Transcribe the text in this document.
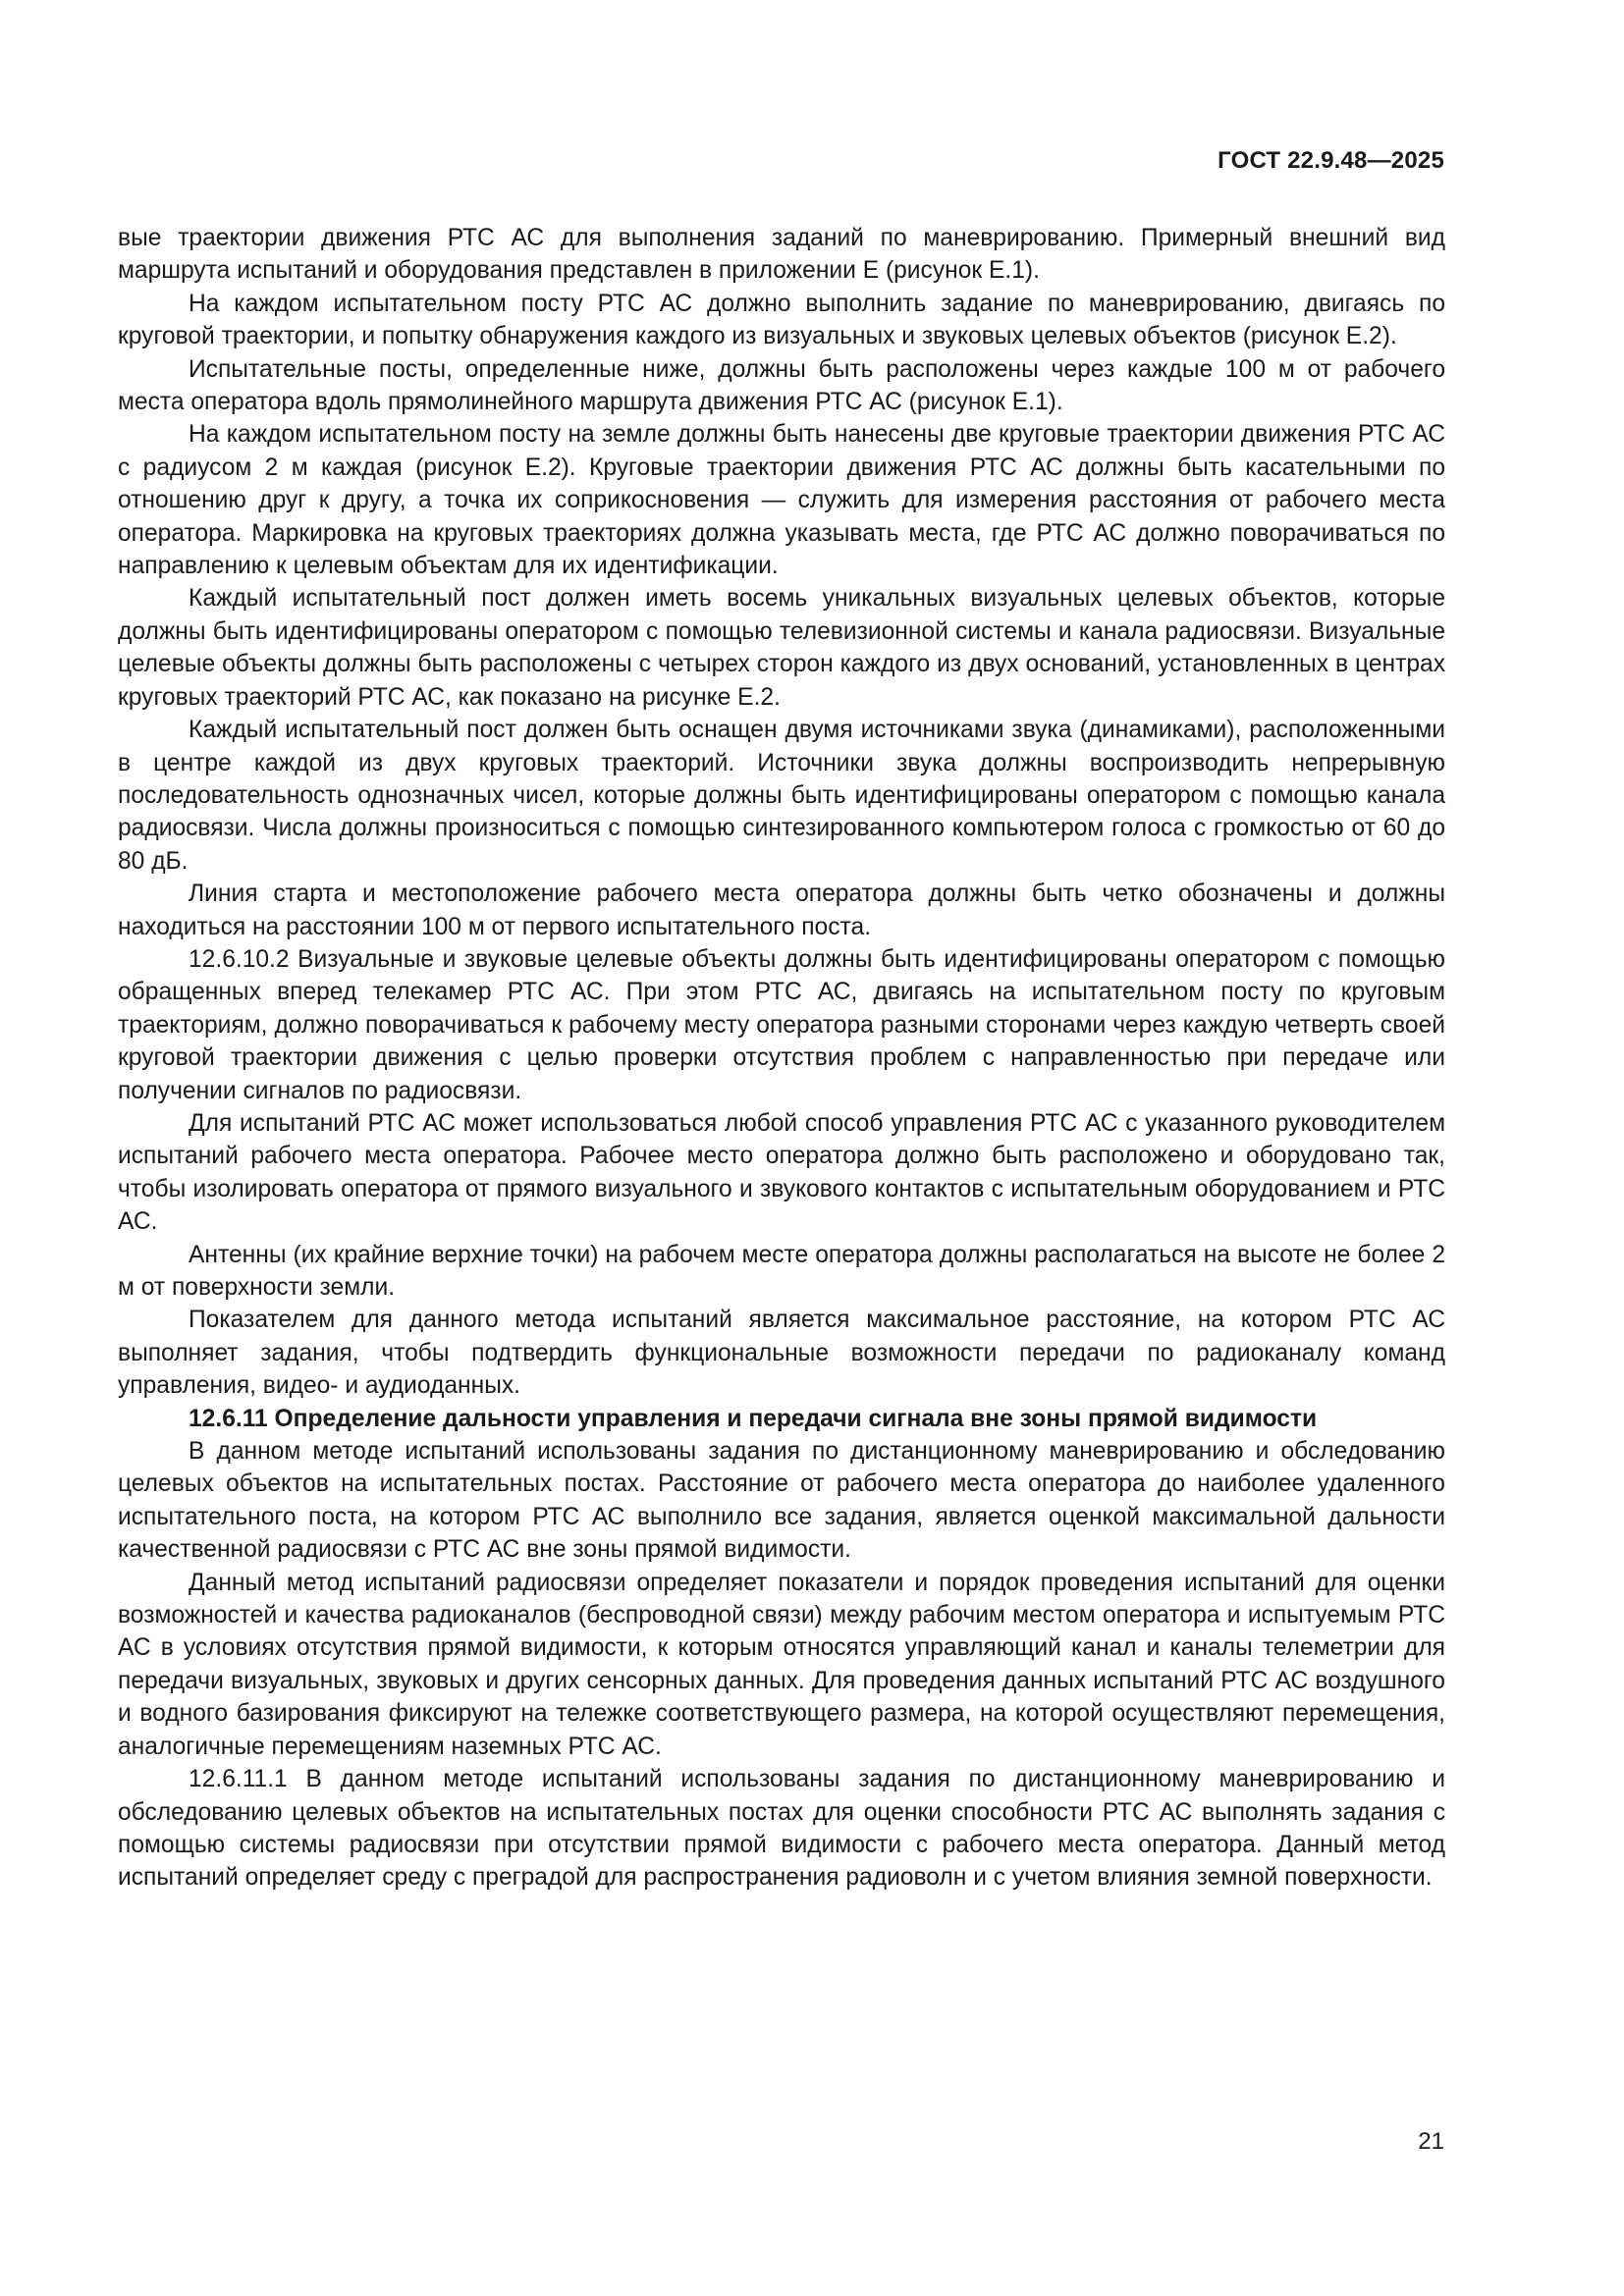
ГОСТ 22.9.48—2025

вые траектории движения РТС АС для выполнения заданий по маневрированию. Примерный внешний вид маршрута испытаний и оборудования представлен в приложении Е (рисунок Е.1).

На каждом испытательном посту РТС АС должно выполнить задание по маневрированию, двигаясь по круговой траектории, и попытку обнаружения каждого из визуальных и звуковых целевых объектов (рисунок Е.2).

Испытательные посты, определенные ниже, должны быть расположены через каждые 100 м от рабочего места оператора вдоль прямолинейного маршрута движения РТС АС (рисунок Е.1).

На каждом испытательном посту на земле должны быть нанесены две круговые траектории движения РТС АС с радиусом 2 м каждая (рисунок Е.2). Круговые траектории движения РТС АС должны быть касательными по отношению друг к другу, а точка их соприкосновения — служить для измерения расстояния от рабочего места оператора. Маркировка на круговых траекториях должна указывать места, где РТС АС должно поворачиваться по направлению к целевым объектам для их идентификации.

Каждый испытательный пост должен иметь восемь уникальных визуальных целевых объектов, которые должны быть идентифицированы оператором с помощью телевизионной системы и канала радиосвязи. Визуальные целевые объекты должны быть расположены с четырех сторон каждого из двух оснований, установленных в центрах круговых траекторий РТС АС, как показано на рисунке Е.2.

Каждый испытательный пост должен быть оснащен двумя источниками звука (динамиками), расположенными в центре каждой из двух круговых траекторий. Источники звука должны воспроизводить непрерывную последовательность однозначных чисел, которые должны быть идентифицированы оператором с помощью канала радиосвязи. Числа должны произноситься с помощью синтезированного компьютером голоса с громкостью от 60 до 80 дБ.

Линия старта и местоположение рабочего места оператора должны быть четко обозначены и должны находиться на расстоянии 100 м от первого испытательного поста.

12.6.10.2 Визуальные и звуковые целевые объекты должны быть идентифицированы оператором с помощью обращенных вперед телекамер РТС АС. При этом РТС АС, двигаясь на испытательном посту по круговым траекториям, должно поворачиваться к рабочему месту оператора разными сторонами через каждую четверть своей круговой траектории движения с целью проверки отсутствия проблем с направленностью при передаче или получении сигналов по радиосвязи.

Для испытаний РТС АС может использоваться любой способ управления РТС АС с указанного руководителем испытаний рабочего места оператора. Рабочее место оператора должно быть расположено и оборудовано так, чтобы изолировать оператора от прямого визуального и звукового контактов с испытательным оборудованием и РТС АС.

Антенны (их крайние верхние точки) на рабочем месте оператора должны располагаться на высоте не более 2 м от поверхности земли.

Показателем для данного метода испытаний является максимальное расстояние, на котором РТС АС выполняет задания, чтобы подтвердить функциональные возможности передачи по радиоканалу команд управления, видео- и аудиоданных.

12.6.11 Определение дальности управления и передачи сигнала вне зоны прямой видимости

В данном методе испытаний использованы задания по дистанционному маневрированию и обследованию целевых объектов на испытательных постах. Расстояние от рабочего места оператора до наиболее удаленного испытательного поста, на котором РТС АС выполнило все задания, является оценкой максимальной дальности качественной радиосвязи с РТС АС вне зоны прямой видимости.

Данный метод испытаний радиосвязи определяет показатели и порядок проведения испытаний для оценки возможностей и качества радиоканалов (беспроводной связи) между рабочим местом оператора и испытуемым РТС АС в условиях отсутствия прямой видимости, к которым относятся управляющий канал и каналы телеметрии для передачи визуальных, звуковых и других сенсорных данных. Для проведения данных испытаний РТС АС воздушного и водного базирования фиксируют на тележке соответствующего размера, на которой осуществляют перемещения, аналогичные перемещениям наземных РТС АС.

12.6.11.1 В данном методе испытаний использованы задания по дистанционному маневрированию и обследованию целевых объектов на испытательных постах для оценки способности РТС АС выполнять задания с помощью системы радиосвязи при отсутствии прямой видимости с рабочего места оператора. Данный метод испытаний определяет среду с преградой для распространения радиоволн и с учетом влияния земной поверхности.

21
